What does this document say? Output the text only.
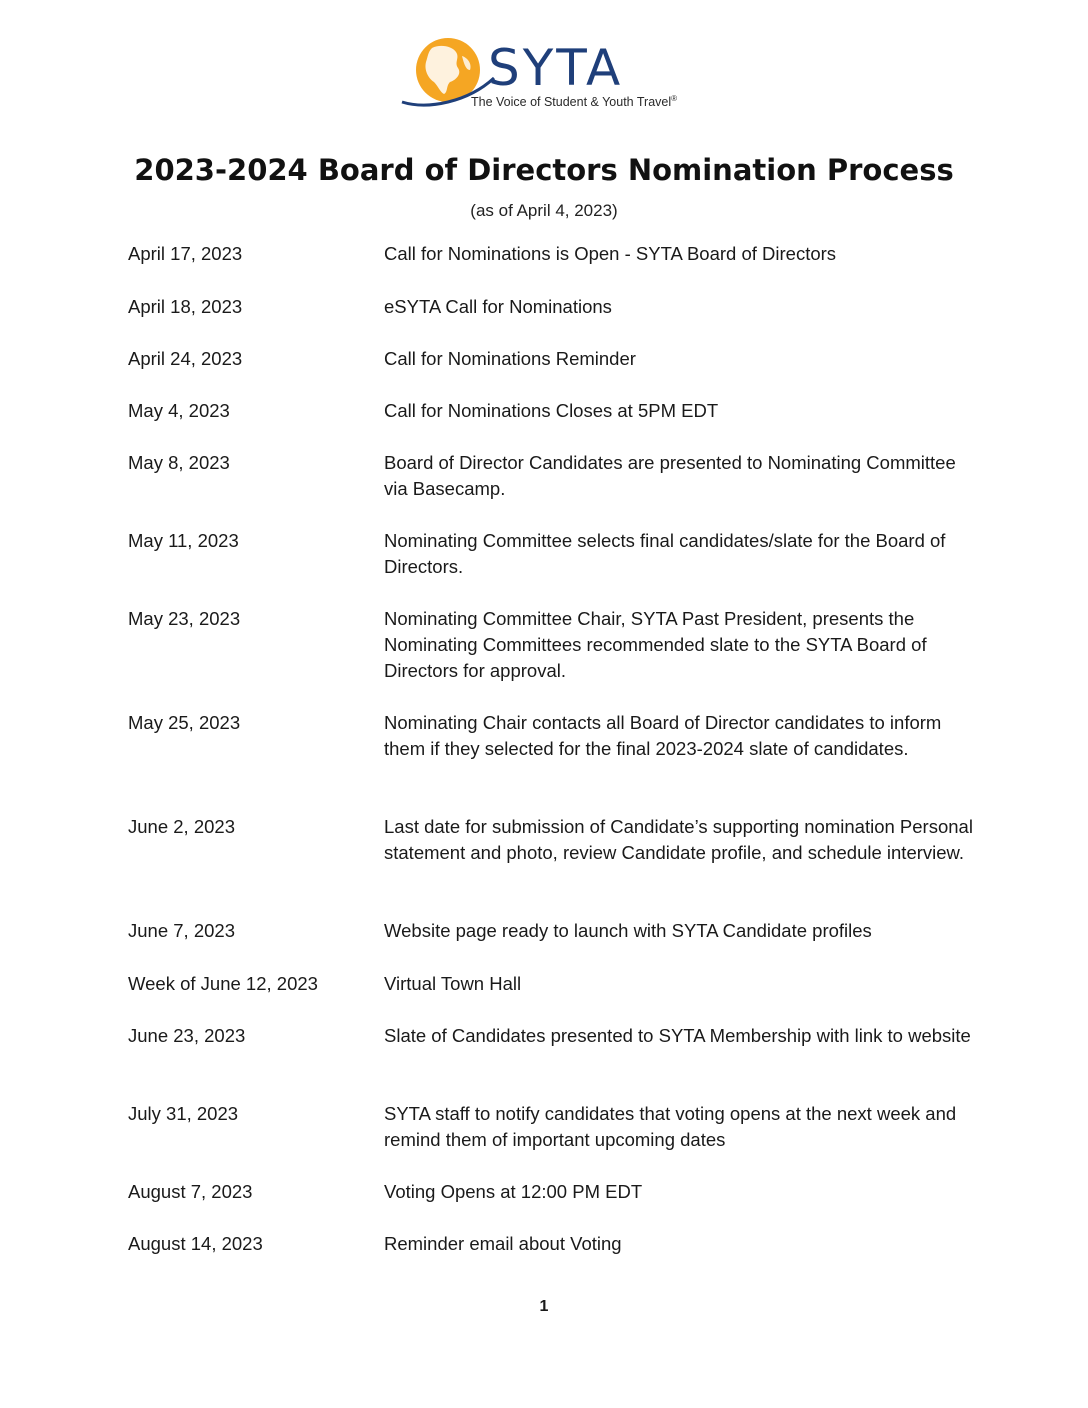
SYTA
The Voice of Student & Youth Travel®
2023-2024 Board of Directors Nomination Process
(as of April 4, 2023)
April 17, 2023	Call for Nominations is Open - SYTA Board of Directors
April 18, 2023	eSYTA Call for Nominations
April 24, 2023	Call for Nominations Reminder
May 4, 2023	Call for Nominations Closes at 5PM EDT
May 8, 2023	Board of Director Candidates are presented to Nominating Committee via Basecamp.
May 11, 2023	Nominating Committee selects final candidates/slate for the Board of Directors.
May 23, 2023	Nominating Committee Chair, SYTA Past President, presents the Nominating Committees recommended slate to the SYTA Board of Directors for approval.
May 25, 2023	Nominating Chair contacts all Board of Director candidates to inform them if they selected for the final 2023-2024 slate of candidates.
June 2, 2023	Last date for submission of Candidate’s supporting nomination Personal statement and photo, review Candidate profile, and schedule interview.
June 7, 2023	Website page ready to launch with SYTA Candidate profiles
Week of June 12, 2023	Virtual Town Hall
June 23, 2023	Slate of Candidates presented to SYTA Membership with link to website
July 31, 2023	SYTA staff to notify candidates that voting opens at the next week and remind them of important upcoming dates
August 7, 2023	Voting Opens at 12:00 PM EDT
August 14, 2023	Reminder email about Voting
1
